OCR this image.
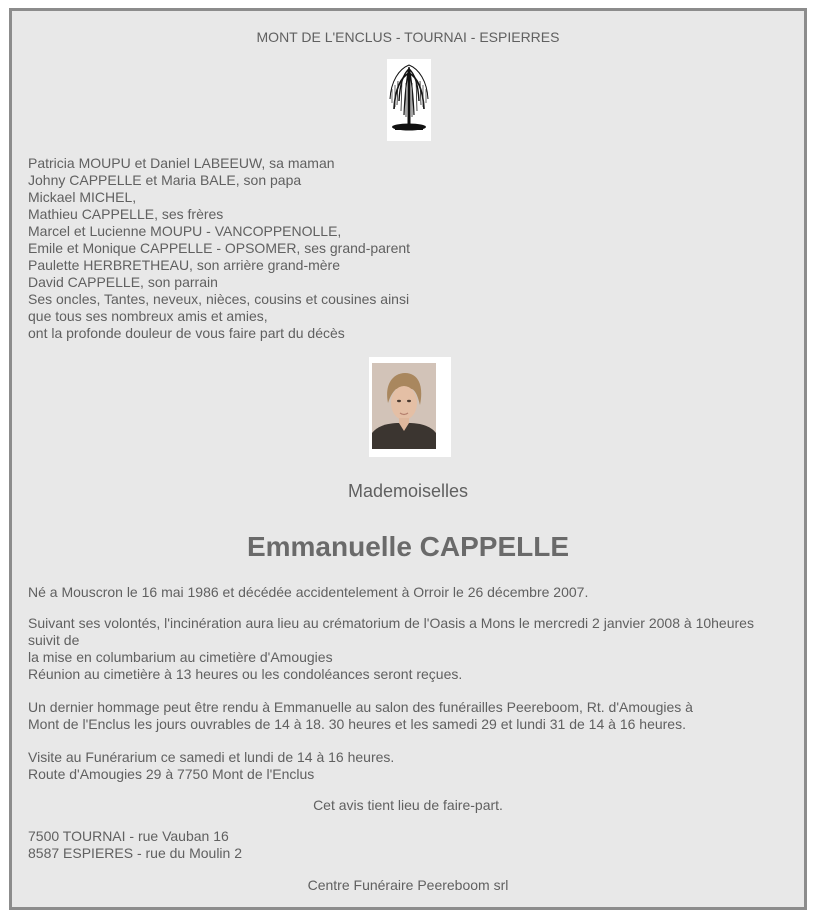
MONT DE L'ENCLUS - TOURNAI - ESPIERRES
Patricia MOUPU et Daniel LABEEUW, sa maman
Johny CAPPELLE et Maria BALE, son papa
Mickael MICHEL,
Mathieu CAPPELLE, ses frères
Marcel et Lucienne MOUPU - VANCOPPENOLLE,
Emile et Monique CAPPELLE - OPSOMER, ses grand-parent
Paulette HERBRETHEAU, son arrière grand-mère
David CAPPELLE, son parrain
Ses oncles, Tantes, neveux, nièces, cousins et cousines ainsi
que tous ses nombreux amis et amies,
ont la profonde douleur de vous faire part du décès
Mademoiselles
Emmanuelle CAPPELLE
Né a Mouscron le 16 mai 1986 et décédée accidentelement à Orroir le 26 décembre 2007.
Suivant ses volontés, l'incinération aura lieu au crématorium de l'Oasis a Mons le mercredi 2 janvier 2008 à 10heures
suivit de
la mise en columbarium au cimetière d'Amougies
Réunion au cimetière à 13 heures ou les condoléances seront reçues.
Un dernier hommage peut être rendu à Emmanuelle au salon des funérailles Peereboom, Rt. d'Amougies à
Mont de l'Enclus les jours ouvrables de 14 à 18. 30 heures et les samedi 29 et lundi 31 de 14 à 16 heures.
Visite au Funérarium ce samedi et lundi de 14 à 16 heures.
Route d'Amougies 29 à 7750 Mont de l'Enclus
Cet avis tient lieu de faire-part.
7500 TOURNAI - rue Vauban 16
8587 ESPIERES - rue du Moulin 2
Centre Funéraire Peereboom srl
